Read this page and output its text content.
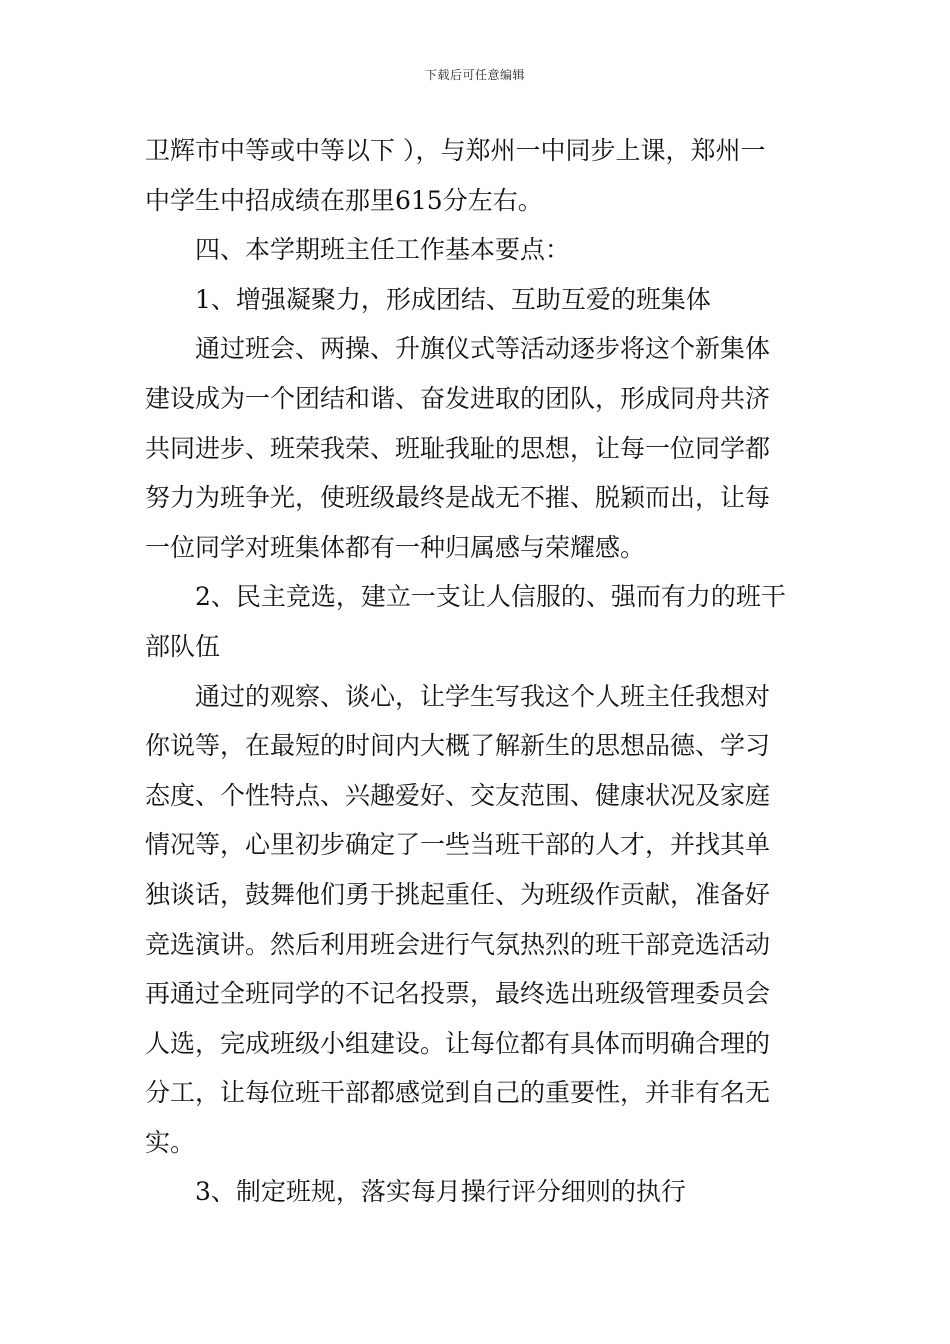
下载后可任意编辑
卫辉市中等或中等以下 ），与郑州一中同步上课，郑州一
中学生中招成绩在那里615分左右。
四、本学期班主任工作基本要点：
1、增强凝聚力，形成团结、互助互爱的班集体
通过班会、两操、升旗仪式等活动逐步将这个新集体
建设成为一个团结和谐、奋发进取的团队，形成同舟共济
共同进步、班荣我荣、班耻我耻的思想，让每一位同学都
努力为班争光，使班级最终是战无不摧、脱颖而出，让每
一位同学对班集体都有一种归属感与荣耀感。
2、民主竞选，建立一支让人信服的、强而有力的班干
部队伍
通过的观察、谈心，让学生写我这个人班主任我想对
你说等，在最短的时间内大概了解新生的思想品德、学习
态度、个性特点、兴趣爱好、交友范围、健康状况及家庭
情况等，心里初步确定了一些当班干部的人才，并找其单
独谈话，鼓舞他们勇于挑起重任、为班级作贡献，准备好
竞选演讲。然后利用班会进行气氛热烈的班干部竞选活动
再通过全班同学的不记名投票，最终选出班级管理委员会
人选，完成班级小组建设。让每位都有具体而明确合理的
分工，让每位班干部都感觉到自己的重要性，并非有名无
实。
3、制定班规，落实每月操行评分细则的执行
